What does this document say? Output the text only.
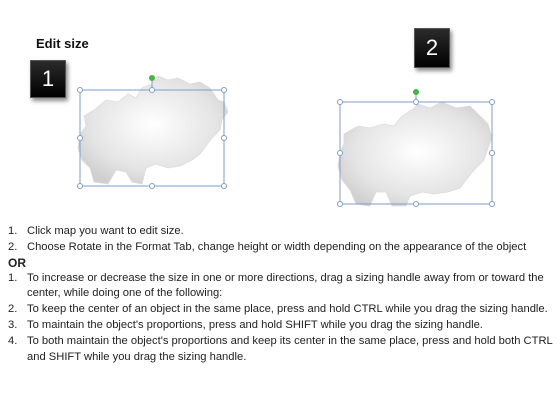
Edit size
1
2
1. Click map you want to edit size.
2. Choose Rotate in the Format Tab, change height or width depending on the appearance of the object
OR
1. To increase or decrease the size in one or more directions, drag a sizing handle away from or toward the center, while doing one of the following:
2. To keep the center of an object in the same place, press and hold CTRL while you drag the sizing handle.
3. To maintain the object's proportions, press and hold SHIFT while you drag the sizing handle.
4. To both maintain the object's proportions and keep its center in the same place, press and hold both CTRL and SHIFT while you drag the sizing handle.
